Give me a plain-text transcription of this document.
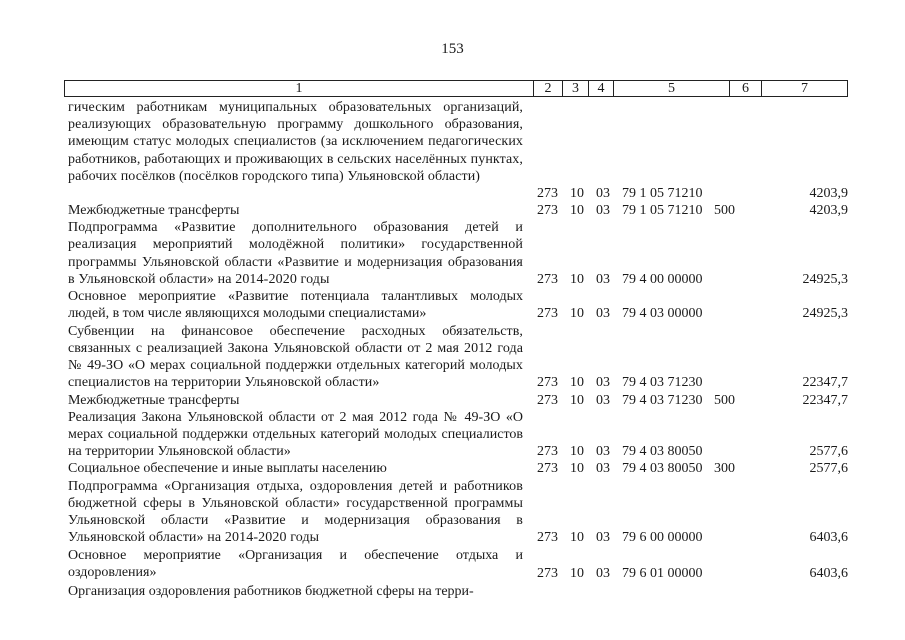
153
1	2	3	4	5	6	7
гическим работникам муниципальных образовательных организаций, реализующих образовательную программу дошкольного образования, имеющим статус молодых специалистов (за исключением педагогических работников, работающих и проживающих в сельских населённых пунктах, рабочих посёлков (посёлков городского типа) Ульяновской области)
273 10 03 79 1 05 71210	4203,9
Межбюджетные трансферты	273 10 03 79 1 05 71210 500	4203,9
Подпрограмма «Развитие дополнительного образования детей и реализация мероприятий молодёжной политики» государственной программы Ульяновской области «Развитие и модернизация образования в Ульяновской области» на 2014-2020 годы	273 10 03 79 4 00 00000	24925,3
Основное мероприятие «Развитие потенциала талантливых молодых людей, в том числе являющихся молодыми специалистами»	273 10 03 79 4 03 00000	24925,3
Субвенции на финансовое обеспечение расходных обязательств, связанных с реализацией Закона Ульяновской области от 2 мая 2012 года № 49-ЗО «О мерах социальной поддержки отдельных категорий молодых специалистов на территории Ульяновской области»	273 10 03 79 4 03 71230	22347,7
Межбюджетные трансферты	273 10 03 79 4 03 71230 500	22347,7
Реализация Закона Ульяновской области от 2 мая 2012 года № 49-ЗО «О мерах социальной поддержки отдельных категорий молодых специалистов на территории Ульяновской области»	273 10 03 79 4 03 80050	2577,6
Социальное обеспечение и иные выплаты населению	273 10 03 79 4 03 80050 300	2577,6
Подпрограмма «Организация отдыха, оздоровления детей и работников бюджетной сферы в Ульяновской области» государственной программы Ульяновской области «Развитие и модернизация образования в Ульяновской области» на 2014-2020 годы	273 10 03 79 6 00 00000	6403,6
Основное мероприятие «Организация и обеспечение отдыха и оздоровления»	273 10 03 79 6 01 00000	6403,6
Организация оздоровления работников бюджетной сферы на терри-
